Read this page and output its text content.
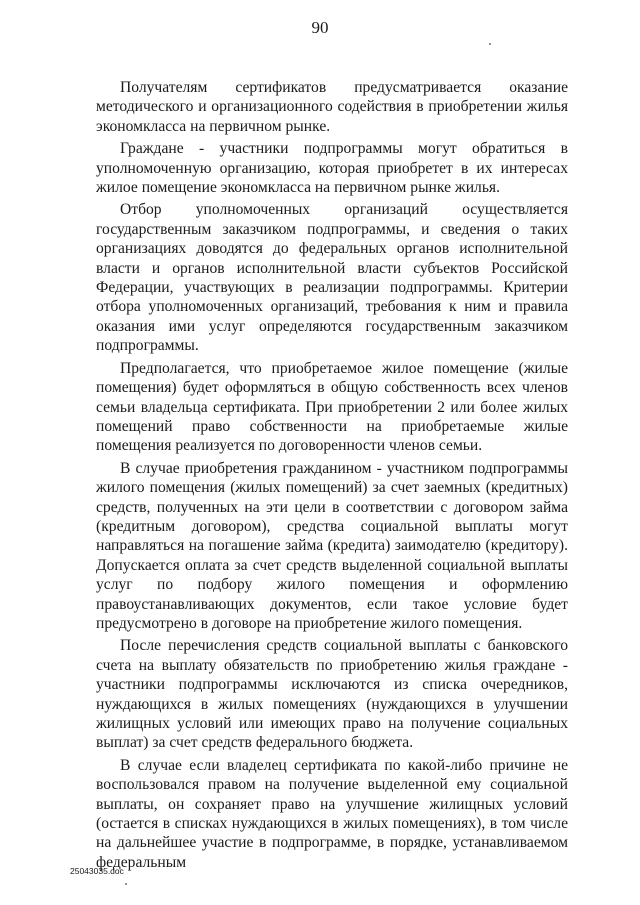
90

Получателям сертификатов предусматривается оказание методического и организационного содействия в приобретении жилья экономкласса на первичном рынке.

Граждане - участники подпрограммы могут обратиться в уполномоченную организацию, которая приобретет в их интересах жилое помещение экономкласса на первичном рынке жилья.

Отбор уполномоченных организаций осуществляется государственным заказчиком подпрограммы, и сведения о таких организациях доводятся до федеральных органов исполнительной власти и органов исполнительной власти субъектов Российской Федерации, участвующих в реализации подпрограммы. Критерии отбора уполномоченных организаций, требования к ним и правила оказания ими услуг определяются государственным заказчиком подпрограммы.

Предполагается, что приобретаемое жилое помещение (жилые помещения) будет оформляться в общую собственность всех членов семьи владельца сертификата. При приобретении 2 или более жилых помещений право собственности на приобретаемые жилые помещения реализуется по договоренности членов семьи.

В случае приобретения гражданином - участником подпрограммы жилого помещения (жилых помещений) за счет заемных (кредитных) средств, полученных на эти цели в соответствии с договором займа (кредитным договором), средства социальной выплаты могут направляться на погашение займа (кредита) заимодателю (кредитору). Допускается оплата за счет средств выделенной социальной выплаты услуг по подбору жилого помещения и оформлению правоустанавливающих документов, если такое условие будет предусмотрено в договоре на приобретение жилого помещения.

После перечисления средств социальной выплаты с банковского счета на выплату обязательств по приобретению жилья граждане - участники подпрограммы исключаются из списка очередников, нуждающихся в жилых помещениях (нуждающихся в улучшении жилищных условий или имеющих право на получение социальных выплат) за счет средств федерального бюджета.

В случае если владелец сертификата по какой-либо причине не воспользовался правом на получение выделенной ему социальной выплаты, он сохраняет право на улучшение жилищных условий (остается в списках нуждающихся в жилых помещениях), в том числе на дальнейшее участие в подпрограмме, в порядке, устанавливаемом федеральным

25043035.doc
